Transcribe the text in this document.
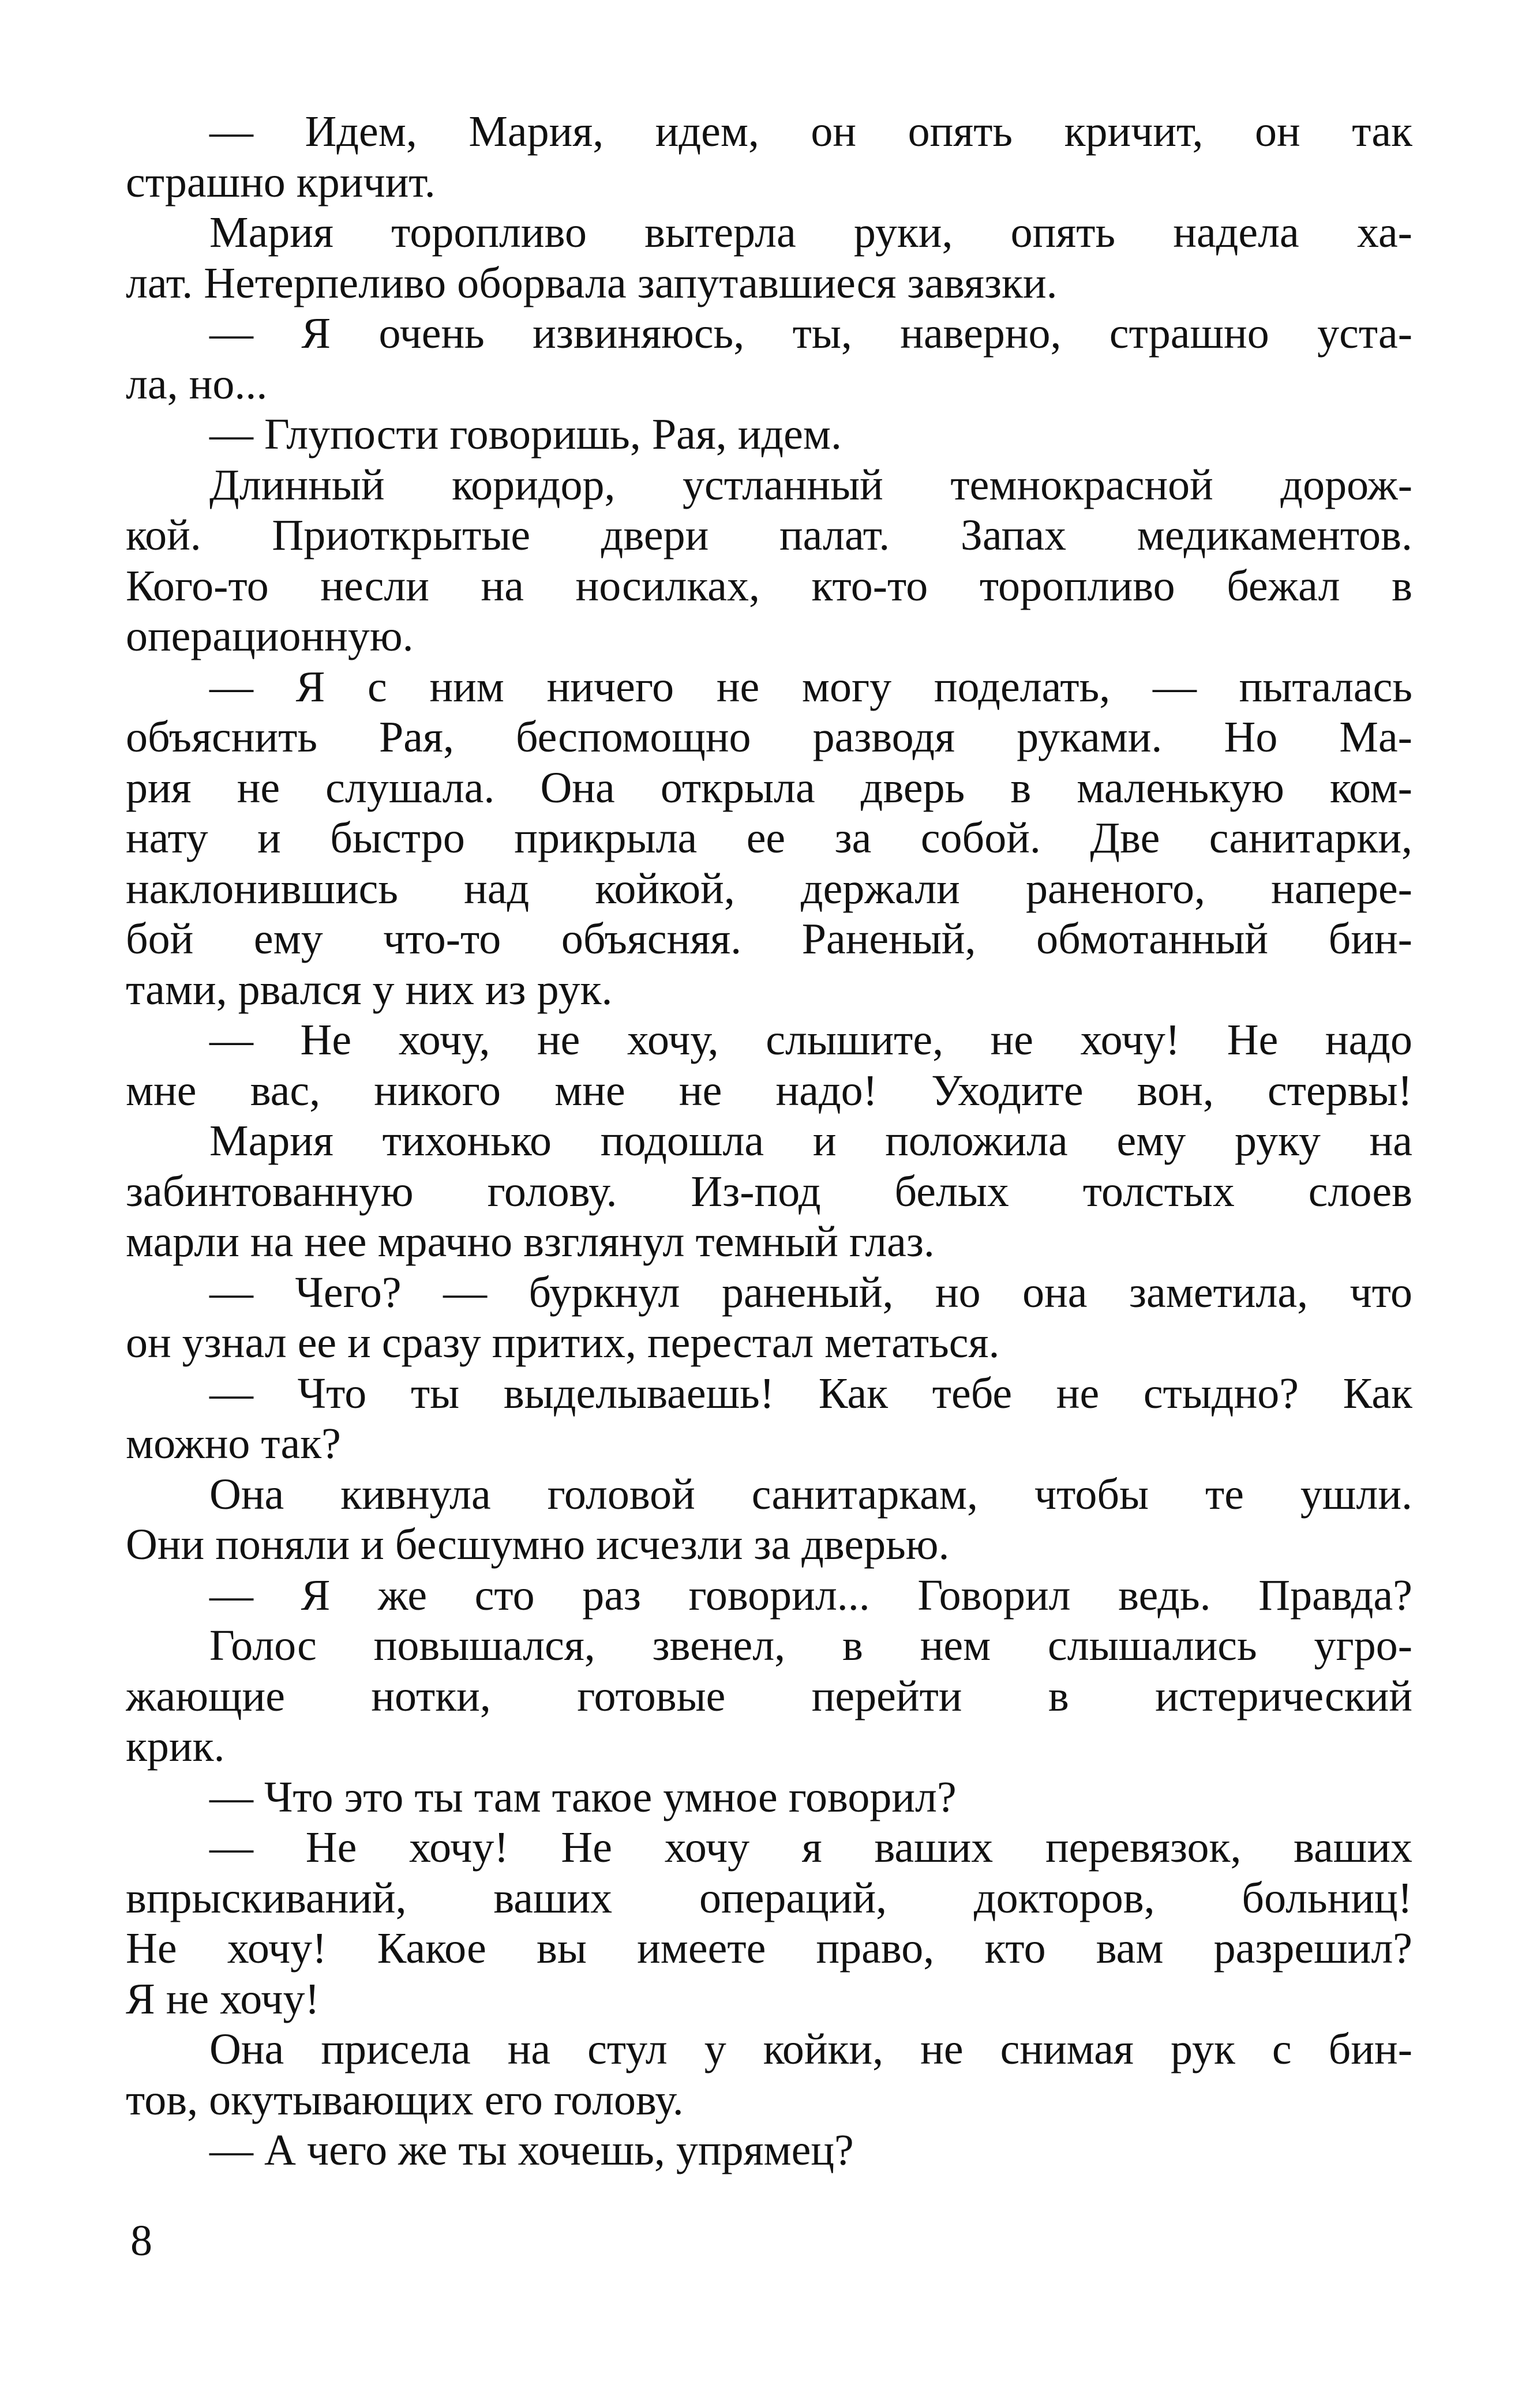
— Идем, Мария, идем, он опять кричит, он так
страшно кричит.
Мария торопливо вытерла руки, опять надела ха-
лат. Нетерпеливо оборвала запутавшиеся завязки.
— Я очень извиняюсь, ты, наверно, страшно уста-
ла, но...
— Глупости говоришь, Рая, идем.
Длинный коридор, устланный темнокрасной дорож-
кой. Приоткрытые двери палат. Запах медикаментов.
Кого-то несли на носилках, кто-то торопливо бежал в
операционную.
— Я с ним ничего не могу поделать, — пыталась
объяснить Рая, беспомощно разводя руками. Но Ма-
рия не слушала. Она открыла дверь в маленькую ком-
нату и быстро прикрыла ее за собой. Две санитарки,
наклонившись над койкой, держали раненого, напере-
бой ему что-то объясняя. Раненый, обмотанный бин-
тами, рвался у них из рук.
— Не хочу, не хочу, слышите, не хочу! Не надо
мне вас, никого мне не надо! Уходите вон, стервы!
Мария тихонько подошла и положила ему руку на
забинтованную голову. Из-под белых толстых слоев
марли на нее мрачно взглянул темный глаз.
— Чего? — буркнул раненый, но она заметила, что
он узнал ее и сразу притих, перестал метаться.
— Что ты выделываешь! Как тебе не стыдно? Как
можно так?
Она кивнула головой санитаркам, чтобы те ушли.
Они поняли и бесшумно исчезли за дверью.
— Я же сто раз говорил... Говорил ведь. Правда?
Голос повышался, звенел, в нем слышались угро-
жающие нотки, готовые перейти в истерический
крик.
— Что это ты там такое умное говорил?
— Не хочу! Не хочу я ваших перевязок, ваших
впрыскиваний, ваших операций, докторов, больниц!
Не хочу! Какое вы имеете право, кто вам разрешил?
Я не хочу!
Она присела на стул у койки, не снимая рук с бин-
тов, окутывающих его голову.
— А чего же ты хочешь, упрямец?
8
